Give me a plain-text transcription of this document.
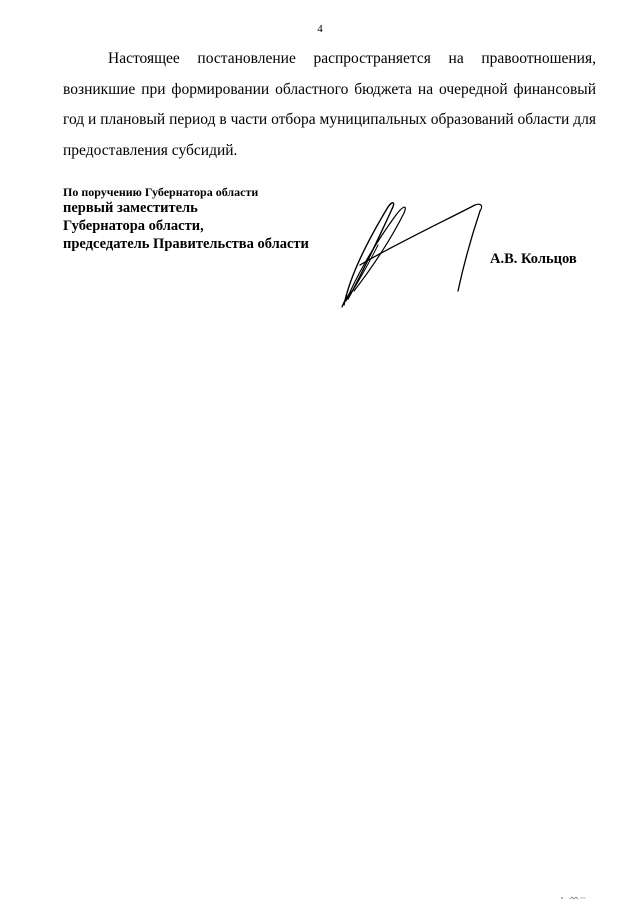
4

Настоящее постановление распространяется на правоотношения, возникшие при формировании областного бюджета на очередной финансовый год и плановый период в части отбора муниципальных образований области для предоставления субсидий.

По поручению Губернатора области

первый заместитель

Губернатора области,

председатель Правительства области

А.В. Кольцов
